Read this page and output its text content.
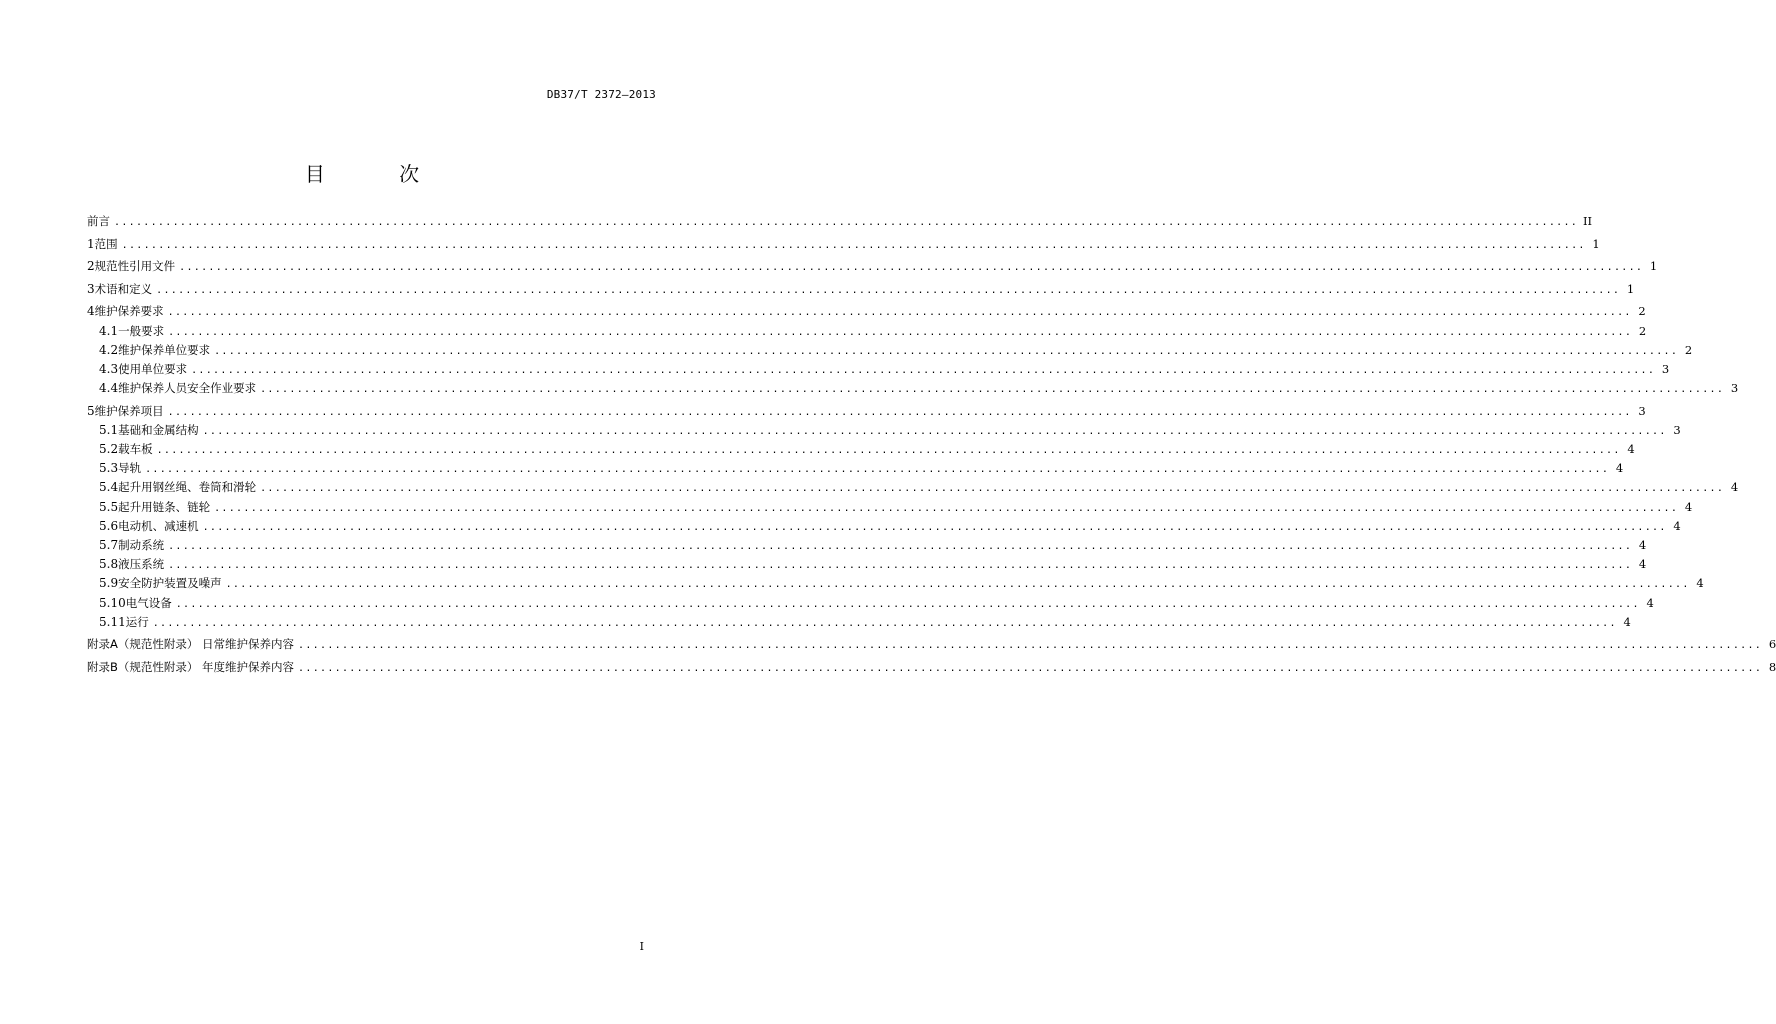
DB37/T 2372—2013
目 次
前言 ........................................................................................................................................................................................................ II
1 范围 ........................................................................................................................................................................................................ 1
2 规范性引用文件 ........................................................................................................................................................................................................ 1
3 术语和定义 ........................................................................................................................................................................................................ 1
4 维护保养要求 ........................................................................................................................................................................................................ 2
4.1 一般要求 ........................................................................................................................................................................................................ 2
4.2 维护保养单位要求 ........................................................................................................................................................................................................ 2
4.3 使用单位要求 ........................................................................................................................................................................................................ 3
4.4 维护保养人员安全作业要求 ........................................................................................................................................................................................................ 3
5 维护保养项目 ........................................................................................................................................................................................................ 3
5.1 基础和金属结构 ........................................................................................................................................................................................................ 3
5.2 载车板 ........................................................................................................................................................................................................ 4
5.3 导轨 ........................................................................................................................................................................................................ 4
5.4 起升用钢丝绳、卷筒和滑轮 ........................................................................................................................................................................................................ 4
5.5 起升用链条、链轮 ........................................................................................................................................................................................................ 4
5.6 电动机、减速机 ........................................................................................................................................................................................................ 4
5.7 制动系统 ........................................................................................................................................................................................................ 4
5.8 液压系统 ........................................................................................................................................................................................................ 4
5.9 安全防护装置及噪声 ........................................................................................................................................................................................................ 4
5.10 电气设备 ........................................................................................................................................................................................................ 4
5.11 运行 ........................................................................................................................................................................................................ 4
附录A（规范性附录） 日常维护保养内容 ........................................................................................................................................................................................................ 6
附录B（规范性附录） 年度维护保养内容 ........................................................................................................................................................................................................ 8
I
